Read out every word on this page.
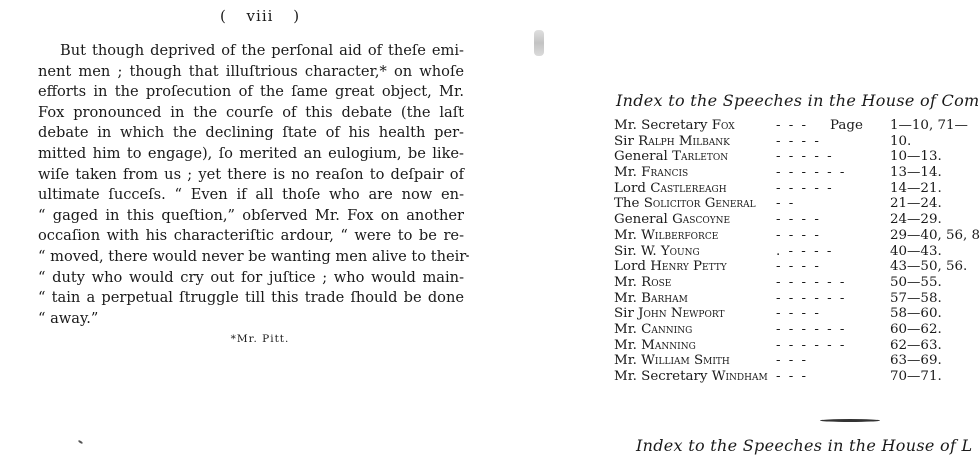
( viii )
But though deprived of the perſonal aid of theſe emi-
nent men ; though that illuſtrious character,* on whoſe
efforts in the proſecution of the ſame great object, Mr.
Fox pronounced in the courſe of this debate (the laſt
debate in which the declining ſtate of his health per-
mitted him to engage), ſo merited an eulogium, be like-
wiſe taken from us ; yet there is no reaſon to deſpair of
ultimate ſucceſs. “ Even if all thoſe who are now en-
“ gaged in this queſtion,” obſerved Mr. Fox on another
occaſion with his characteriſtic ardour, “ were to be re-
“ moved, there would never be wanting men alive to their
“ duty who would cry out for juſtice ; who would main-
“ tain a perpetual ſtruggle till this trade ſhould be done
“ away.”
*Mr. Pitt.
Index to the Speeches in the House of Com
Mr. Secretary Fox	- - - Page 1—10, 71—
Sir Ralph Milbank	- - - -	10.
General Tarleton	- - - - -	10—13.
Mr. Francis	- - - - - -	13—14.
Lord Castlereagh	- - - - -	14—21.
The Solicitor General - -	21—24.
General Gascoyne	- - - -	24—29.
Mr. Wilberforce	- - - -	29—40, 56, 8
Sir. W. Young	. - - - -	40—43.
Lord Henry Petty	- - - -	43—50, 56.
Mr. Rose	- - - - - -	50—55.
Mr. Barham	- - - - - -	57—58.
Sir John Newport	- - - -	58—60.
Mr. Canning	- - - - - -	60—62.
Mr. Manning	- - - - - -	62—63.
Mr. William Smith	- - -	63—69.
Mr. Secretary Windham - - -	70—71.
Index to the Speeches in the House of L
